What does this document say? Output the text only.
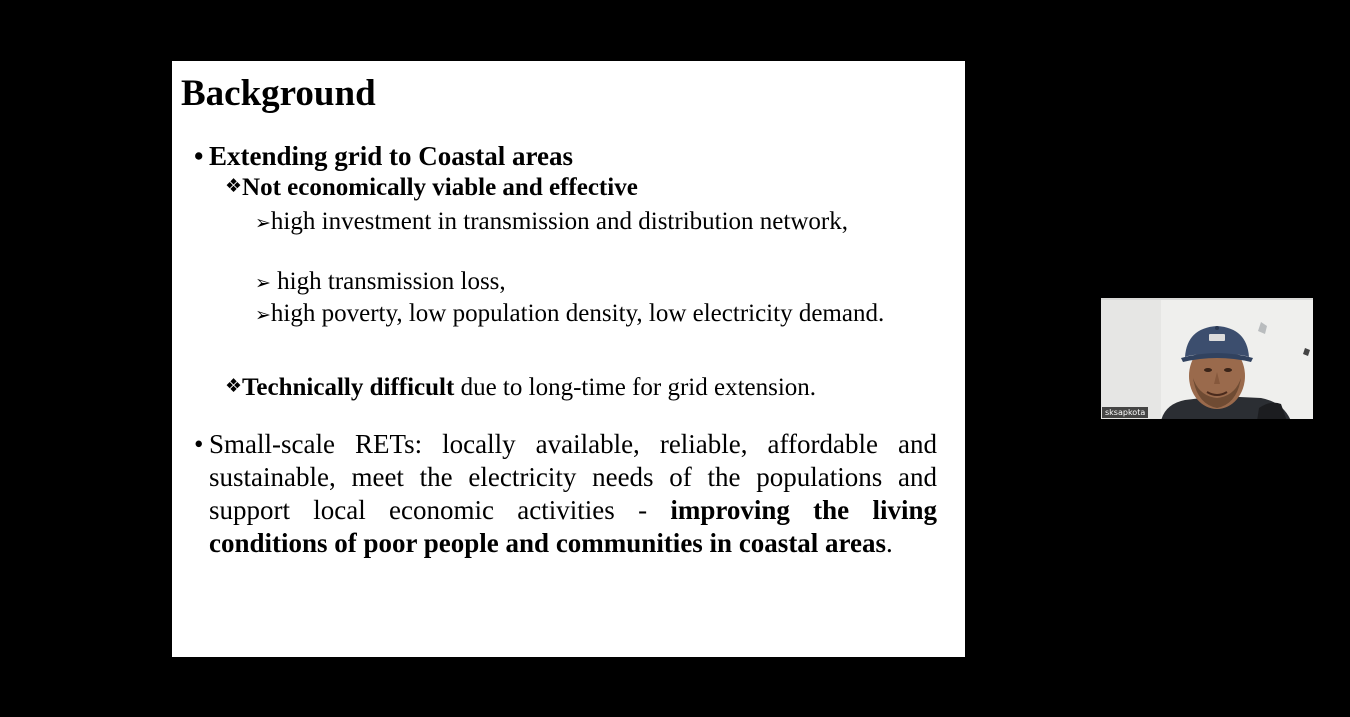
Background
• Extending grid to Coastal areas
❖Not economically viable and effective
➢high investment in transmission and distribution network,
➢ high transmission loss,
➢high poverty, low population density, low electricity demand.
❖Technically difficult due to long-time for grid extension.
• Small-scale RETs: locally available, reliable, affordable and sustainable, meet the electricity needs of the populations and support local economic activities - improving the living conditions of poor people and communities in coastal areas.
sksapkota
